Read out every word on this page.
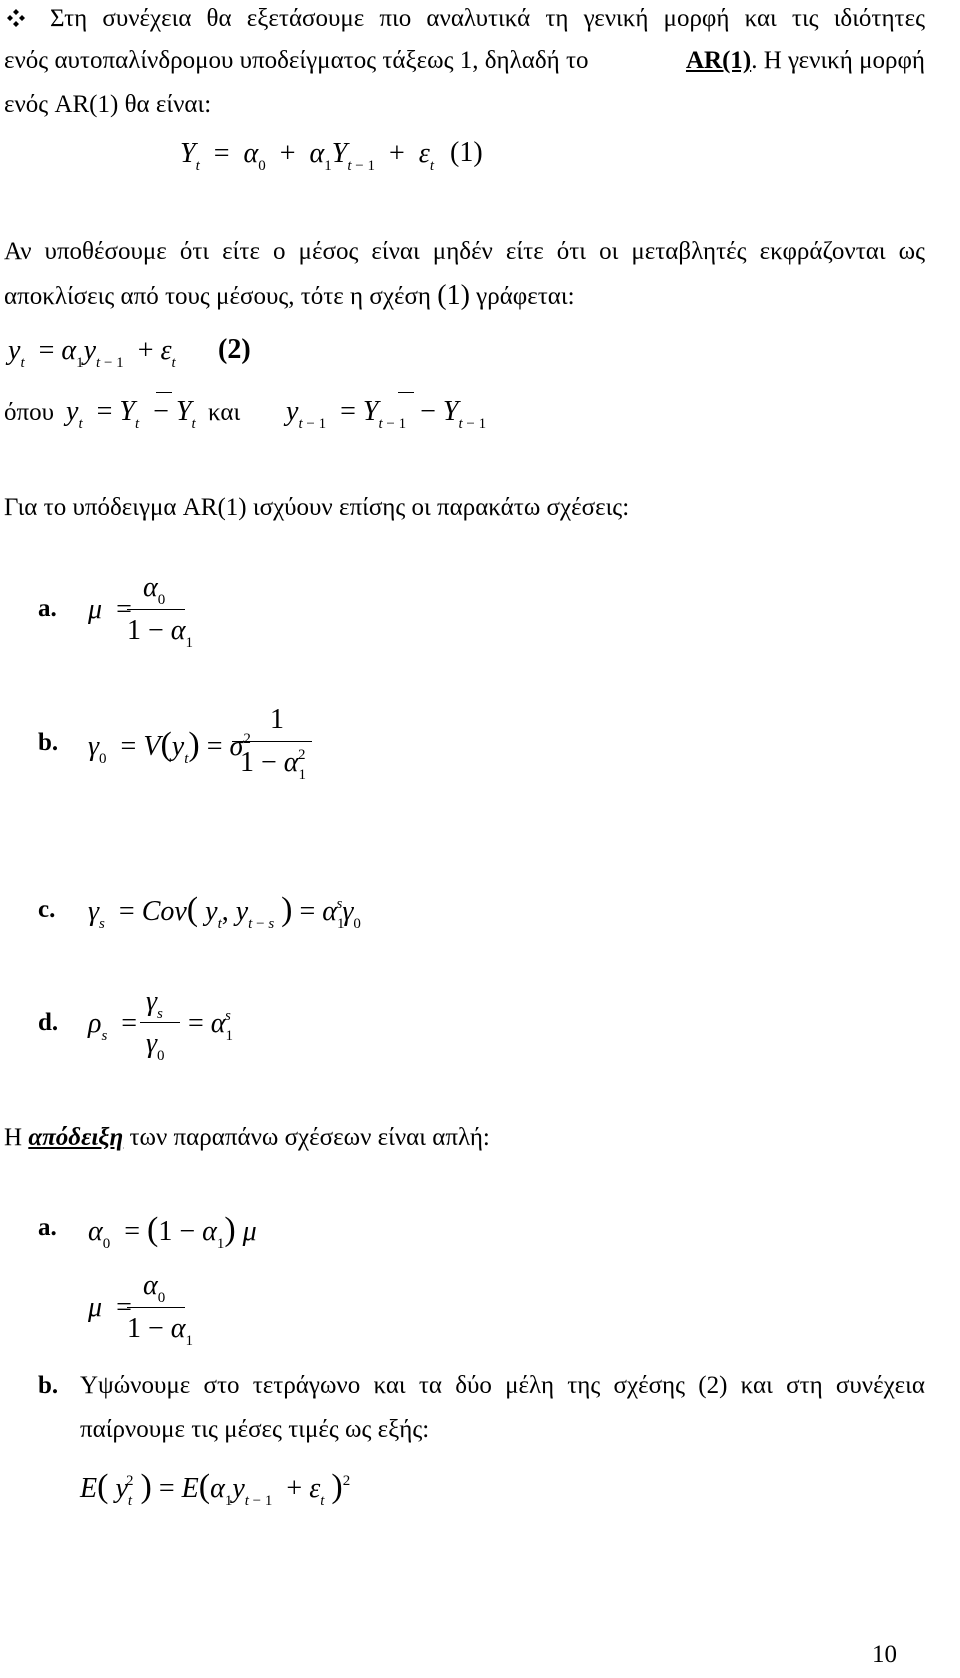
Στη συνέχεια θα εξετάσουμε πιο αναλυτικά τη γενική μορφή και τις ιδιότητες
ενός αυτοπαλίνδρομου υποδείγματος τάξεως 1, δηλαδή το	AR(1). Η γενική μορφή
ενός AR(1) θα είναι:
$Y_t = \alpha_0 + \alpha_1Y_t$ $_{- 1} + \varepsilon_t$ (1)
Αν υποθέσουμε ότι είτε ο μέσος είναι μηδέν είτε ότι οι μεταβλητές εκφράζονται ως
αποκλίσεις από τους μέσους, τότε η σχέση (1) γράφεται:
$y_t = \alpha_1y_t$ $_{- 1} + \varepsilon_t$ (2)
όπου $y_t = Y_t - Y_t$ και $y_t$ $_{- 1} = Y_t$ $_{- 1} - Y_t$ $_{- 1}$
Για το υπόδειγμα AR(1) ισχύουν επίσης οι παρακάτω σχέσεις:
a. μ  =
$\alpha_0$
$1 - \alpha_1$
b. $\gamma_0 = V(y_t) = \sigma^2$
1
$1 - \alpha_1^2$
c. $\gamma_s = Cov$( $y_t$, $y_t$ $_-$ $_s$ ) = $\alpha_1^s\gamma_0$
d. $\rho_s$  =
$\gamma_s$
$\gamma_0$
= $\alpha_1^s$
Η απόδειξη των παραπάνω σχέσεων είναι απλή:
a. $\alpha_0 = (1 - \alpha_1)$ μ
μ  =
$\alpha_0$
$1 - \alpha_1$
b. Υψώνουμε στο τετράγωνο και τα δύο μέλη της σχέσης (2) και στη συνέχεια
παίρνουμε τις μέσες τιμές ως εξής:
E( $y_t^2$ ) = $E(\alpha_1y_t$ $_{- 1} + \varepsilon_t$ )$^2$
10
